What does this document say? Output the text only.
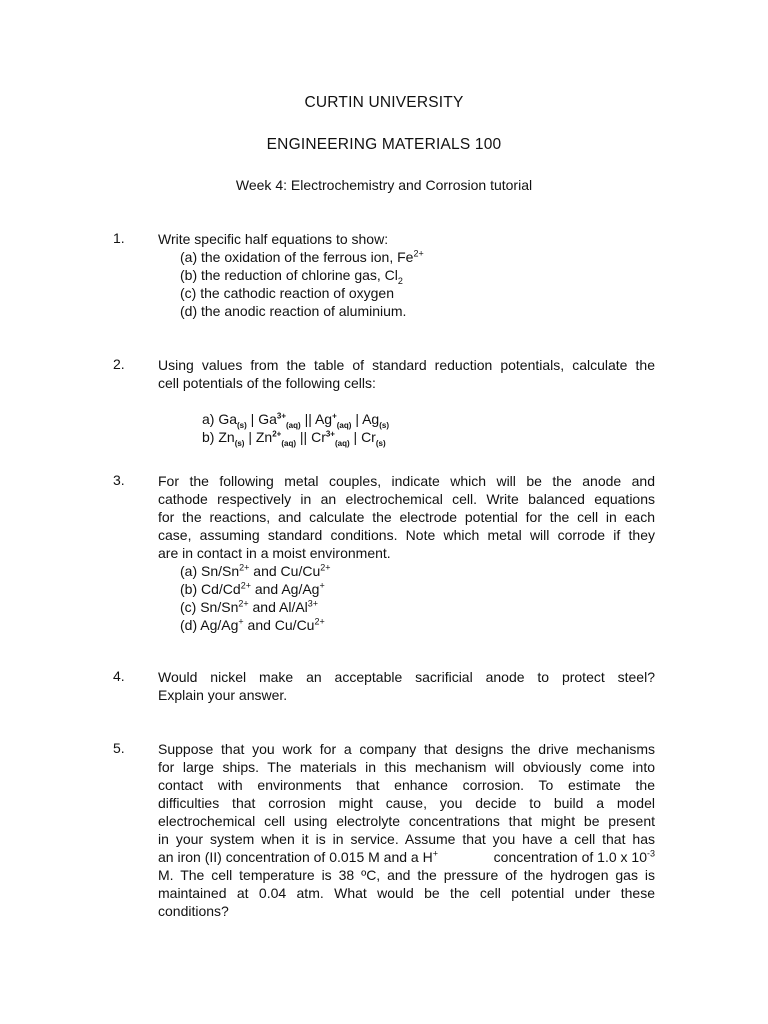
CURTIN UNIVERSITY
ENGINEERING MATERIALS 100
Week 4: Electrochemistry and Corrosion tutorial
1. Write specific half equations to show:
(a) the oxidation of the ferrous ion, $Fe^{2+}$
(b) the reduction of chlorine gas, $Cl_2$
(c) the cathodic reaction of oxygen
(d) the anodic reaction of aluminium.
2. Using values from the table of standard reduction potentials, calculate the
cell potentials of the following cells:
a) $Ga_{(s)}$ | $Ga^{3+}_{(aq)}$ || $Ag^+_{(aq)}$ | $Ag_{(s)}$
b) $Zn_{(s)}$ | $Zn^{2+}_{(aq)}$ || $Cr^{3+}_{(aq)}$ | $Cr_{(s)}$
3. For the following metal couples, indicate which will be the anode and
cathode respectively in an electrochemical cell. Write balanced equations
for the reactions, and calculate the electrode potential for the cell in each
case, assuming standard conditions. Note which metal will corrode if they
are in contact in a moist environment.
(a) $Sn/Sn^{2+}$ and $Cu/Cu^{2+}$
(b) $Cd/Cd^{2+}$ and Ag/Ag+
(c) $Sn/Sn^{2+}$ and $Al/Al^{3+}$
(d) Ag/Ag+ and $Cu/Cu^{2+}$
4. Would nickel make an acceptable sacrificial anode to protect steel?
Explain your answer.
5. Suppose that you work for a company that designs the drive mechanisms
for large ships. The materials in this mechanism will obviously come into
contact with environments that enhance corrosion. To estimate the
difficulties that corrosion might cause, you decide to build a model
electrochemical cell using electrolyte concentrations that might be present
in your system when it is in service. Assume that you have a cell that has
an iron (II) concentration of 0.015 M and a H+	concentration of 1.0 x $10^{-3}$
M. The cell temperature is 38 ºC, and the pressure of the hydrogen gas is
maintained at 0.04 atm. What would be the cell potential under these
conditions?
